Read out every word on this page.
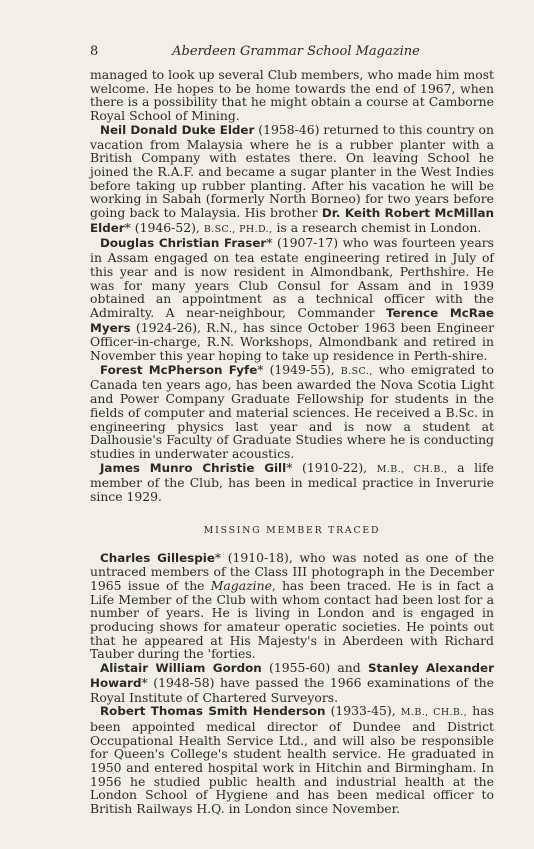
8	Aberdeen Grammar School Magazine

managed to look up several Club members, who made him most welcome. He hopes to be home towards the end of 1967, when there is a possibility that he might obtain a course at Camborne Royal School of Mining.

Neil Donald Duke Elder (1958-46) returned to this country on vacation from Malaysia where he is a rubber planter with a British Company with estates there. On leaving School he joined the R.A.F. and became a sugar planter in the West Indies before taking up rubber planting. After his vacation he will be working in Sabah (formerly North Borneo) for two years before going back to Malaysia. His brother Dr. Keith Robert McMillan Elder* (1946-52), B.SC., PH.D., is a research chemist in London.

Douglas Christian Fraser* (1907-17) who was fourteen years in Assam engaged on tea estate engineering retired in July of this year and is now resident in Almondbank, Perthshire. He was for many years Club Consul for Assam and in 1939 obtained an appointment as a technical officer with the Admiralty. A near-neighbour, Commander Terence McRae Myers (1924-26), R.N., has since October 1963 been Engineer Officer-in-charge, R.N. Workshops, Almondbank and retired in November this year hoping to take up residence in Perth-shire.

Forest McPherson Fyfe* (1949-55), B.SC., who emigrated to Canada ten years ago, has been awarded the Nova Scotia Light and Power Company Graduate Fellowship for students in the fields of computer and material sciences. He received a B.Sc. in engineering physics last year and is now a student at Dalhousie's Faculty of Graduate Studies where he is conducting studies in underwater acoustics.

James Munro Christie Gill* (1910-22), M.B., CH.B., a life member of the Club, has been in medical practice in Inverurie since 1929.

MISSING MEMBER TRACED

Charles Gillespie* (1910-18), who was noted as one of the untraced members of the Class III photograph in the December 1965 issue of the Magazine, has been traced. He is in fact a Life Member of the Club with whom contact had been lost for a number of years. He is living in London and is engaged in producing shows for amateur operatic societies. He points out that he appeared at His Majesty's in Aberdeen with Richard Tauber during the 'forties.

Alistair William Gordon (1955-60) and Stanley Alexander Howard* (1948-58) have passed the 1966 examinations of the Royal Institute of Chartered Surveyors.

Robert Thomas Smith Henderson (1933-45), M.B., CH.B., has been appointed medical director of Dundee and District Occupational Health Service Ltd., and will also be responsible for Queen's College's student health service. He graduated in 1950 and entered hospital work in Hitchin and Birmingham. In 1956 he studied public health and industrial health at the London School of Hygiene and has been medical officer to British Railways H.Q. in London since November.
